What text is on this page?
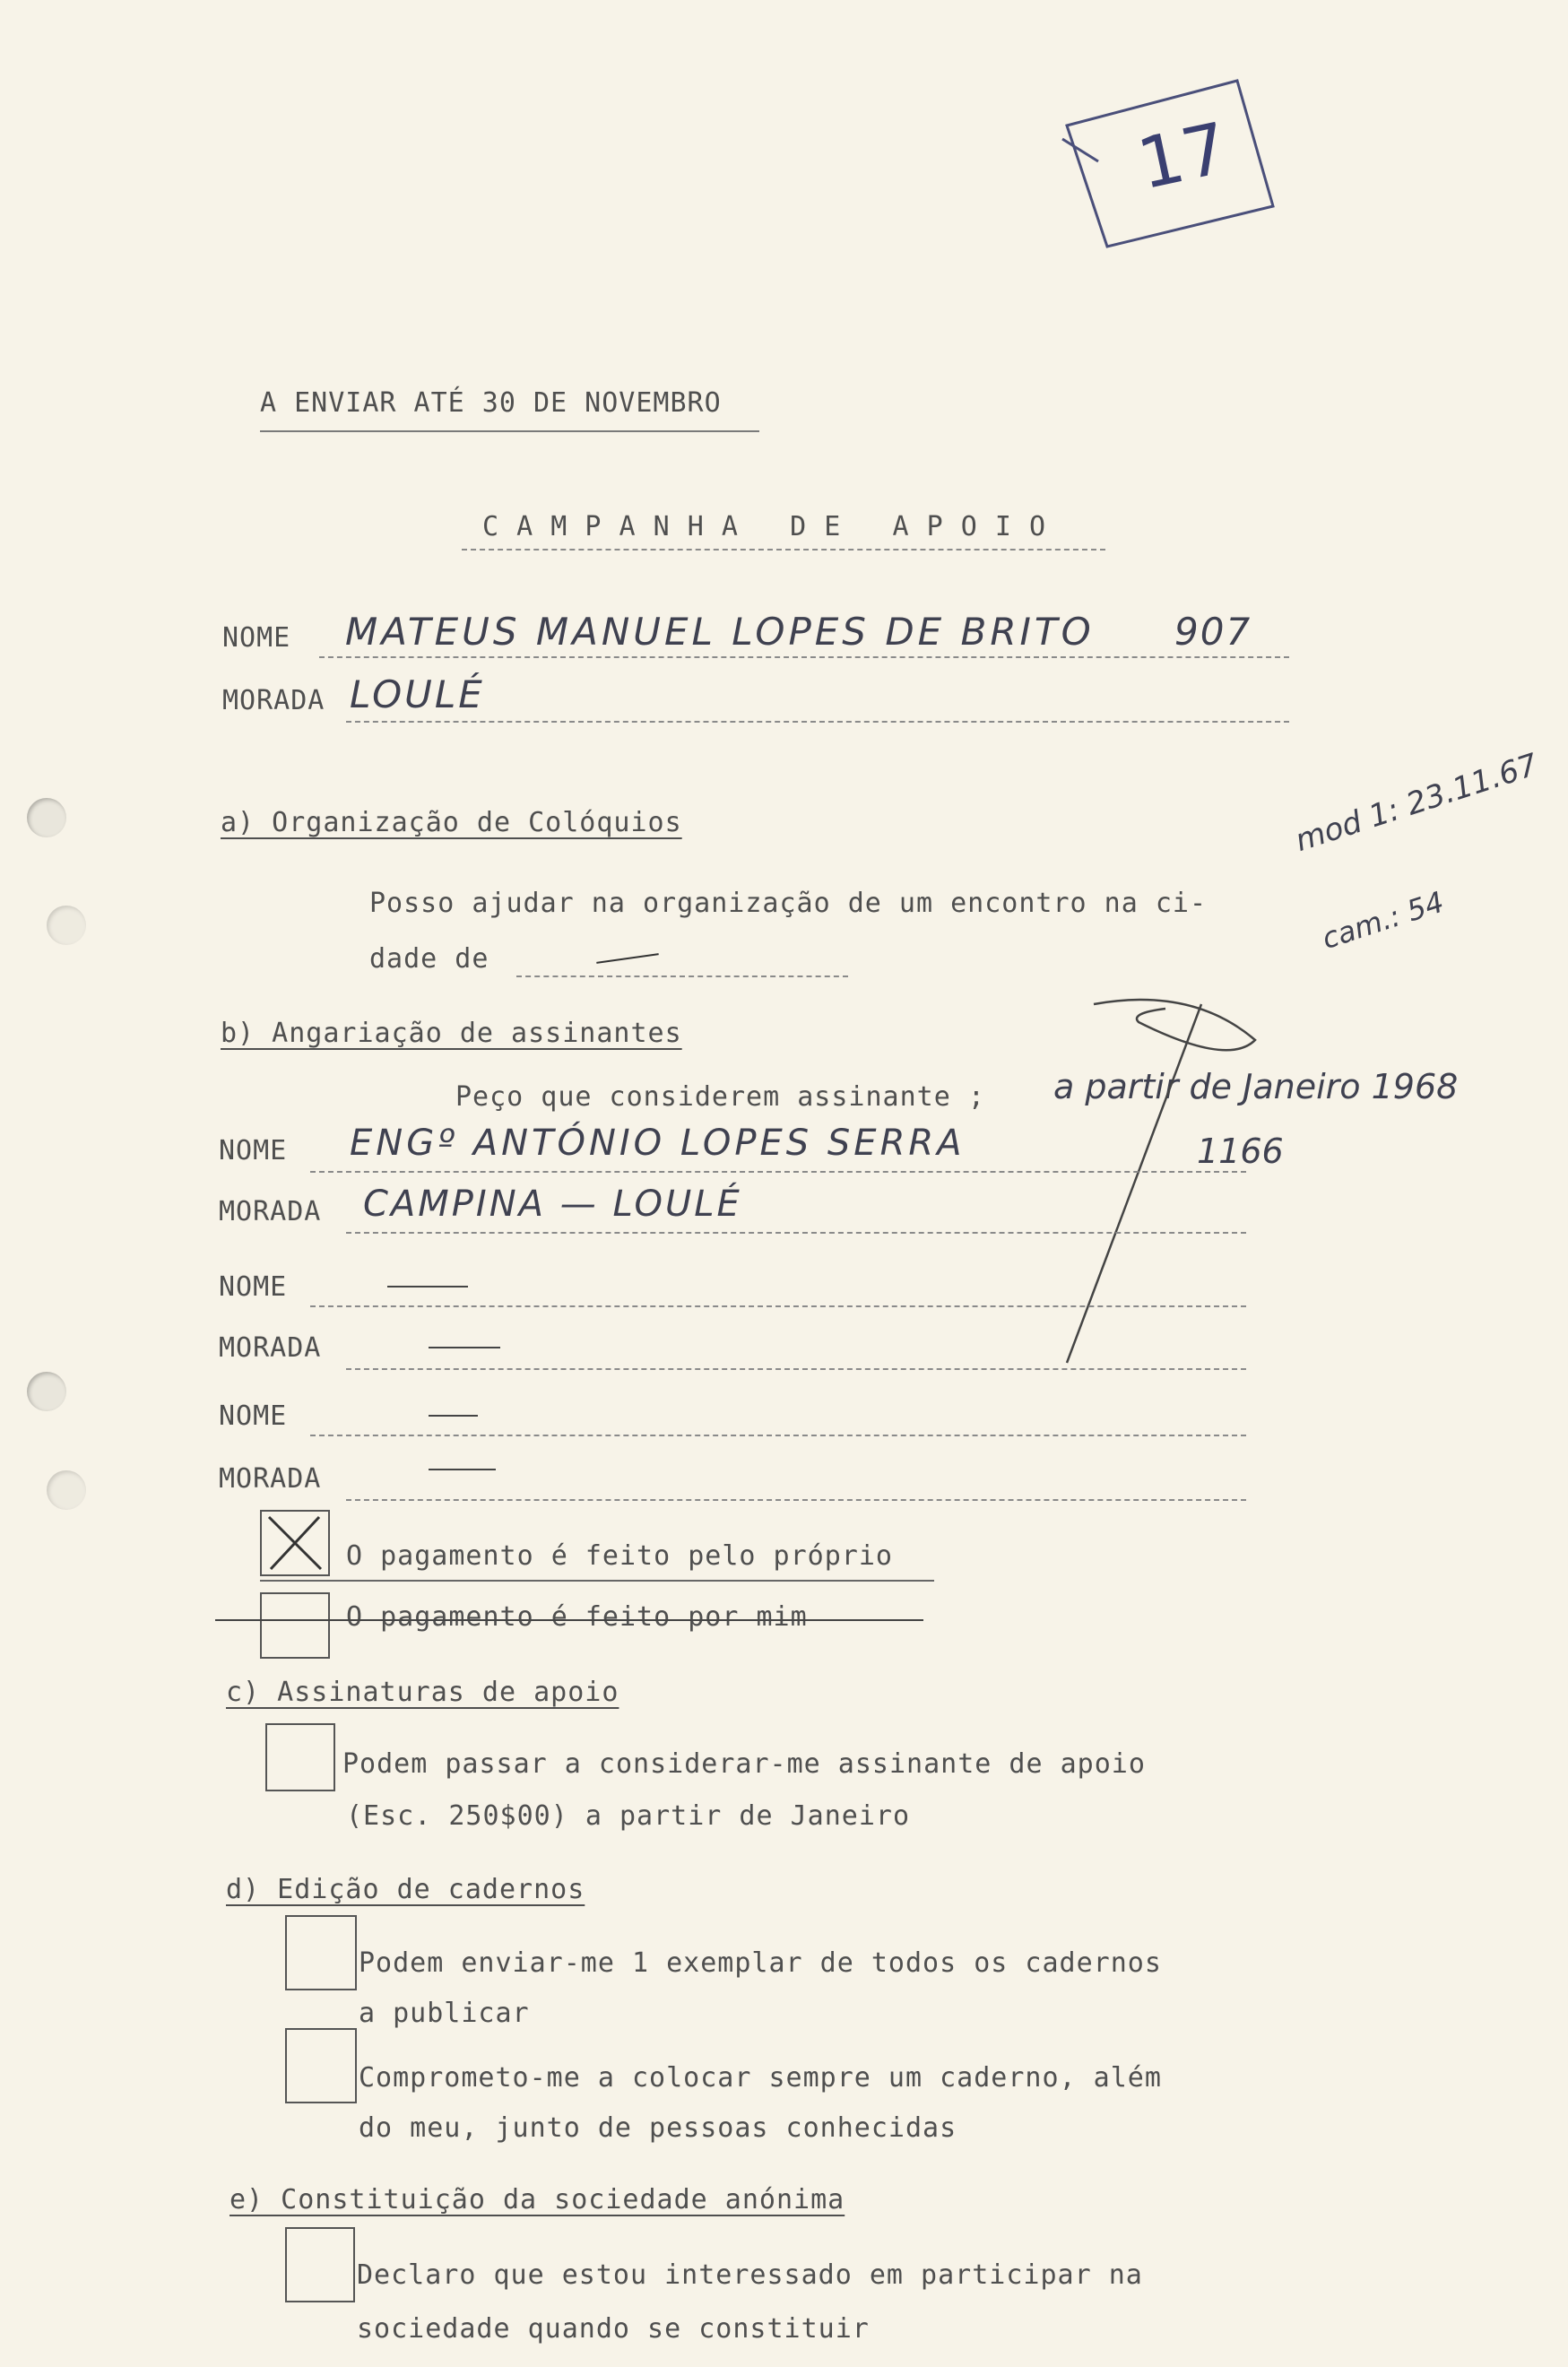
17
A ENVIAR ATÉ 30 DE NOVEMBRO
C A M P A N H A   D E   A P O I O
NOME MATEUS MANUEL LOPES DE BRITO 907
MORADA LOULÉ
a) Organização de Colóquios
Posso ajudar na organização de um encontro na ci-
dade de
mod 1: 23.11.67
cam.: 54
b) Angariação de assinantes
Peço que considerem assinante ; a partir de Janeiro 1968
NOME ENGº ANTÓNIO LOPES SERRA	1166
MORADA CAMPINA — LOULÉ
NOME
MORADA
NOME
MORADA
O pagamento é feito pelo próprio
O pagamento é feito por mim
c) Assinaturas de apoio
Podem passar a considerar-me assinante de apoio
(Esc. 250$00) a partir de Janeiro
d) Edição de cadernos
Podem enviar-me 1 exemplar de todos os cadernos
a publicar
Comprometo-me a colocar sempre um caderno, além
do meu, junto de pessoas conhecidas
e) Constituição da sociedade anónima
Declaro que estou interessado em participar na
sociedade quando se constituir
